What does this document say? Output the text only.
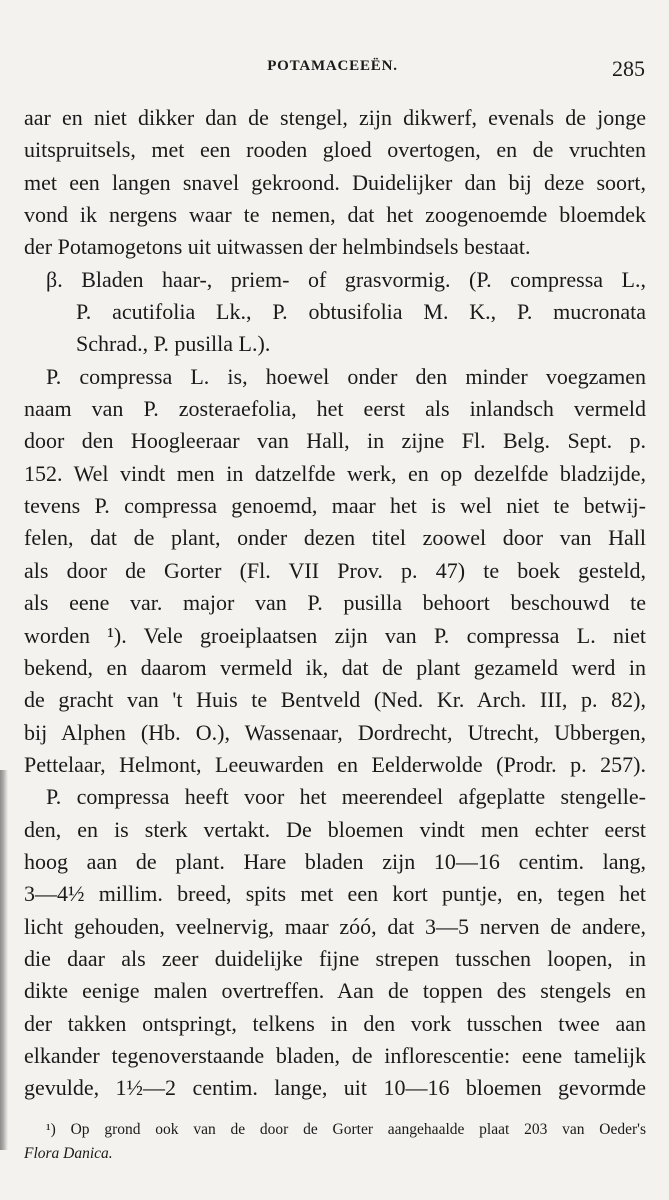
POTAMACEEËN.	285
aar en niet dikker dan de stengel, zijn dikwerf, evenals de jonge
uitspruitsels, met een rooden gloed overtogen, en de vruchten
met een langen snavel gekroond. Duidelijker dan bij deze soort,
vond ik nergens waar te nemen, dat het zoogenoemde bloemdek
der Potamogetons uit uitwassen der helmbindsels bestaat.
β. Bladen haar-, priem- of grasvormig. (P. compressa L.,
P. acutifolia Lk., P. obtusifolia M. K., P. mucronata
Schrad., P. pusilla L.).
P. compressa L. is, hoewel onder den minder voegzamen
naam van P. zosteraefolia, het eerst als inlandsch vermeld
door den Hoogleeraar van Hall, in zijne Fl. Belg. Sept. p.
152. Wel vindt men in datzelfde werk, en op dezelfde bladzijde,
tevens P. compressa genoemd, maar het is wel niet te betwij-
felen, dat de plant, onder dezen titel zoowel door van Hall
als door de Gorter (Fl. VII Prov. p. 47) te boek gesteld,
als eene var. major van P. pusilla behoort beschouwd te
worden ¹). Vele groeiplaatsen zijn van P. compressa L. niet
bekend, en daarom vermeld ik, dat de plant gezameld werd in
de gracht van 't Huis te Bentveld (Ned. Kr. Arch. III, p. 82),
bij Alphen (Hb. O.), Wassenaar, Dordrecht, Utrecht, Ubbergen,
Pettelaar, Helmont, Leeuwarden en Eelderwolde (Prodr. p. 257).
P. compressa heeft voor het meerendeel afgeplatte stengelle-
den, en is sterk vertakt. De bloemen vindt men echter eerst
hoog aan de plant. Hare bladen zijn 10—16 centim. lang,
3—4½ millim. breed, spits met een kort puntje, en, tegen het
licht gehouden, veelnervig, maar zóó, dat 3—5 nerven de andere,
die daar als zeer duidelijke fijne strepen tusschen loopen, in
dikte eenige malen overtreffen. Aan de toppen des stengels en
der takken ontspringt, telkens in den vork tusschen twee aan
elkander tegenoverstaande bladen, de inflorescentie: eene tamelijk
gevulde, 1½—2 centim. lange, uit 10—16 bloemen gevormde
¹) Op grond ook van de door de Gorter aangehaalde plaat 203 van Oeder's
Flora Danica.
